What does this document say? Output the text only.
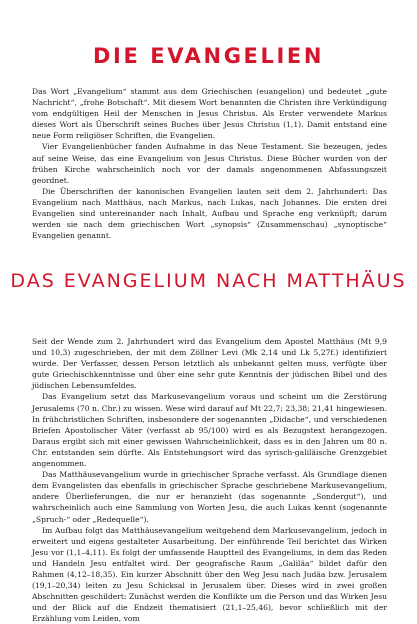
DIE EVANGELIEN

Das Wort „Evangelium“ stammt aus dem Griechischen (euangelion) und bedeutet „gute Nachricht“, „frohe Botschaft“. Mit diesem Wort benannten die Christen ihre Verkündigung vom endgültigen Heil der Menschen in Jesus Christus. Als Erster verwendete Markus dieses Wort als Überschrift seines Buches über Jesus Christus (1,1). Damit entstand eine neue Form religiöser Schriften, die Evangelien.

Vier Evangelienbücher fanden Aufnahme in das Neue Testament. Sie bezeugen, jedes auf seine Weise, das eine Evangelium von Jesus Christus. Diese Bücher wurden von der frühen Kirche wahrscheinlich noch vor der damals angenommenen Abfassungszeit geordnet.

Die Überschriften der kanonischen Evangelien lauten seit dem 2. Jahrhundert: Das Evangelium nach Matthäus, nach Markus, nach Lukas, nach Johannes. Die ersten drei Evangelien sind untereinander nach Inhalt, Aufbau und Sprache eng verknüpft; darum werden sie nach dem griechischen Wort „synopsis“ (Zusammenschau) „synoptische“ Evangelien genannt.

DAS EVANGELIUM NACH MATTHÄUS

Seit der Wende zum 2. Jahrhundert wird das Evangelium dem Apostel Matthäus (Mt 9,9 und 10,3) zugeschrieben, der mit dem Zöllner Levi (Mk 2,14 und Lk 5,27f.) identifiziert wurde. Der Verfasser, dessen Person letztlich als unbekannt gelten muss, verfügte über gute Griechischkenntnisse und über eine sehr gute Kenntnis der jüdischen Bibel und des jüdischen Lebensumfeldes.

Das Evangelium setzt das Markusevangelium voraus und scheint um die Zerstörung Jerusalems (70 n. Chr.) zu wissen. Wese wird darauf auf Mt 22,7; 23,38; 21,41 hingewiesen. In frühchristlichen Schriften, insbesondere der sogenannten „Didache“, und verschiedenen Briefen Apostolischer Väter (verfasst ab 95/100) wird es als Bezugstext herangezogen. Daraus ergibt sich mit einer gewissen Wahrscheinlichkeit, dass es in den Jahren um 80 n. Chr. entstanden sein dürfte. Als Entstehungsort wird das syrisch-galiläische Grenzgebiet angenommen.

Das Matthäusevangelium wurde in griechischer Sprache verfasst. Als Grundlage dienen dem Evangelisten das ebenfalls in griechischer Sprache geschriebene Markusevangelium, andere Überlieferungen, die nur er heranzieht (das sogenannte „Sondergut“), und wahrscheinlich auch eine Sammlung von Worten Jesu, die auch Lukas kennt (sogenannte „Spruch-“ oder „Redequelle“).

Im Aufbau folgt das Matthäusevangelium weitgehend dem Markusevangelium, jedoch in erweitert und eigens gestalteter Ausarbeitung. Der einführende Teil berichtet das Wirken Jesu vor (1,1–4,11). Es folgt der umfassende Hauptteil des Evangeliums, in dem das Reden und Handeln Jesu entfaltet wird. Der geografische Raum „Galiläa“ bildet dafür den Rahmen (4,12–18,35). Ein kurzer Abschnitt über den Weg Jesu nach Judäa bzw. Jerusalem (19,1–20,34) leiten zu Jesu Schicksal in Jerusalem über. Dieses wird in zwei großen Abschnitten geschildert: Zunächst werden die Konflikte um die Person und das Wirken Jesu und der Blick auf die Endzeit thematisiert (21,1–25,46), bevor schließlich mit der Erzählung vom Leiden, vom
